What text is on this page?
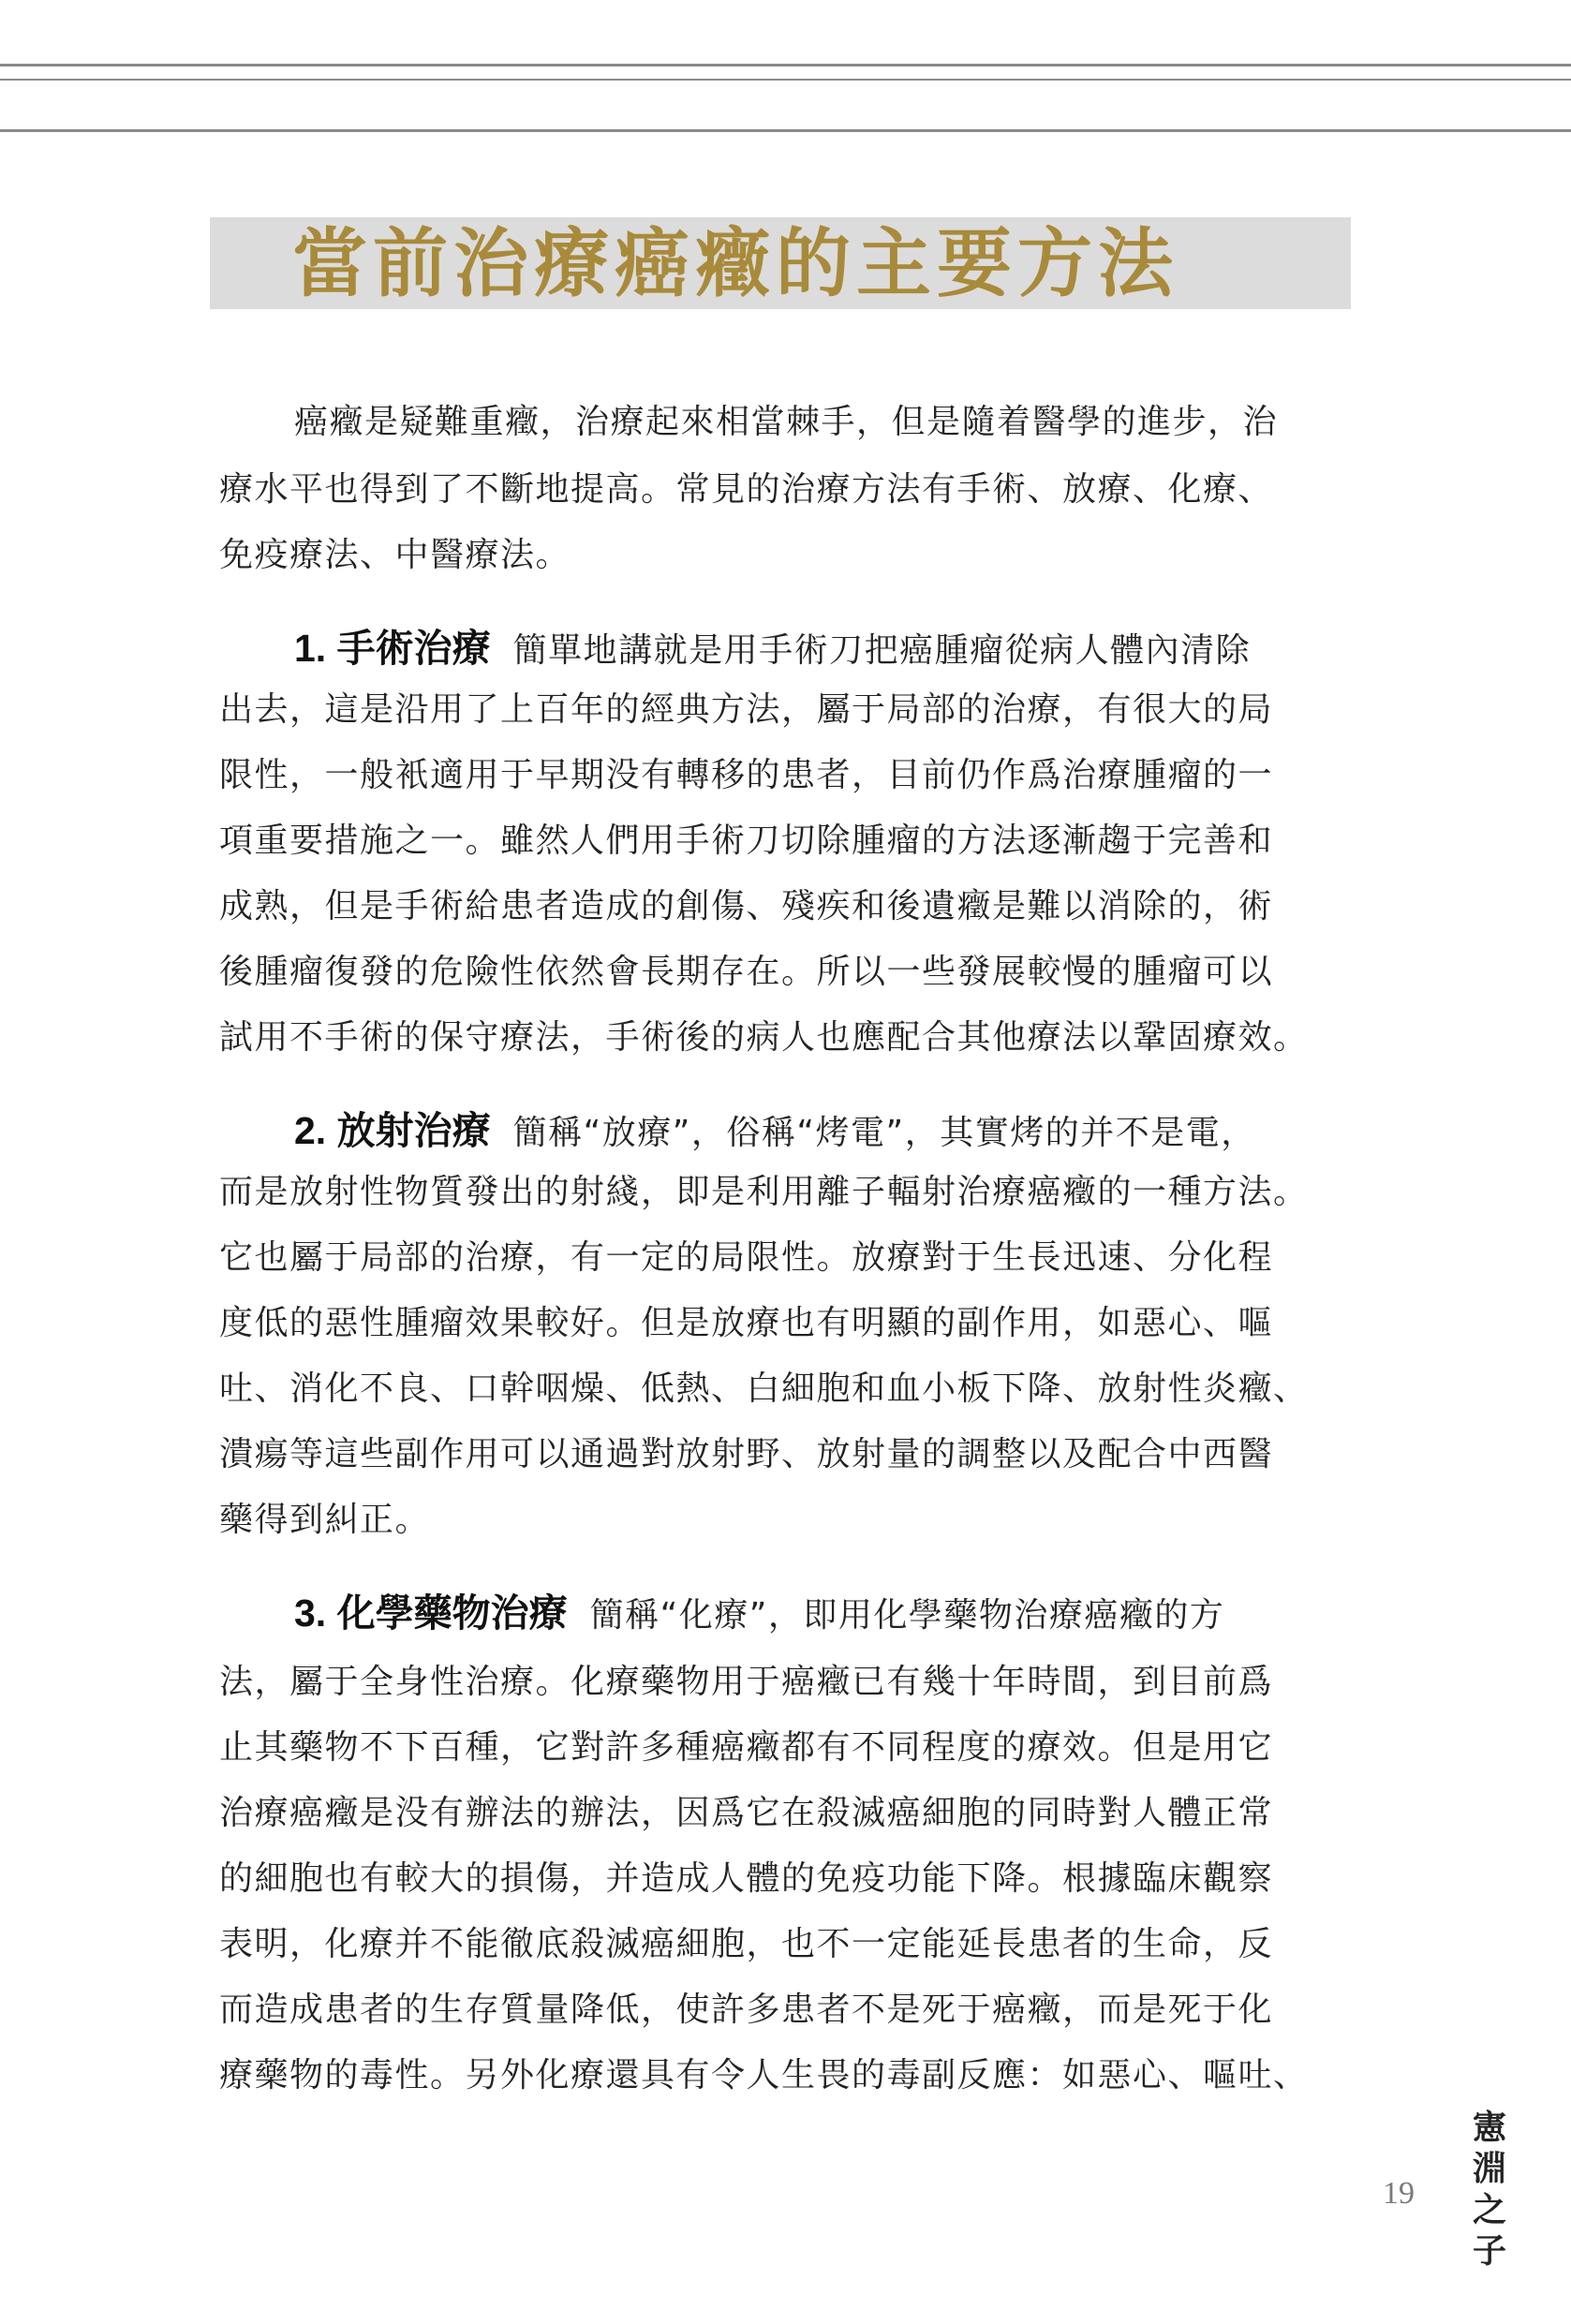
當前治療癌癥的主要方法
癌癥是疑難重癥，治療起來相當棘手，但是隨着醫學的進步，治
療水平也得到了不斷地提高。常見的治療方法有手術、放療、化療、
免疫療法、中醫療法。
1. 手術治療 簡單地講就是用手術刀把癌腫瘤從病人體內清除
出去，這是沿用了上百年的經典方法，屬于局部的治療，有很大的局
限性，一般衹適用于早期没有轉移的患者，目前仍作爲治療腫瘤的一
項重要措施之一。雖然人們用手術刀切除腫瘤的方法逐漸趨于完善和
成熟，但是手術給患者造成的創傷、殘疾和後遺癥是難以消除的，術
後腫瘤復發的危險性依然會長期存在。所以一些發展較慢的腫瘤可以
試用不手術的保守療法，手術後的病人也應配合其他療法以鞏固療效。
2. 放射治療 簡稱“放療”，俗稱“烤電”，其實烤的并不是電，
而是放射性物質發出的射綫，即是利用離子輻射治療癌癥的一種方法。
它也屬于局部的治療，有一定的局限性。放療對于生長迅速、分化程
度低的惡性腫瘤效果較好。但是放療也有明顯的副作用，如惡心、嘔
吐、消化不良、口幹咽燥、低熱、白細胞和血小板下降、放射性炎癥、
潰瘍等這些副作用可以通過對放射野、放射量的調整以及配合中西醫
藥得到糾正。
3. 化學藥物治療 簡稱“化療”，即用化學藥物治療癌癥的方
法，屬于全身性治療。化療藥物用于癌癥已有幾十年時間，到目前爲
止其藥物不下百種，它對許多種癌癥都有不同程度的療效。但是用它
治療癌癥是没有辦法的辦法，因爲它在殺滅癌細胞的同時對人體正常
的細胞也有較大的損傷，并造成人體的免疫功能下降。根據臨床觀察
表明，化療并不能徹底殺滅癌細胞，也不一定能延長患者的生命，反
而造成患者的生存質量降低，使許多患者不是死于癌癥，而是死于化
療藥物的毒性。另外化療還具有令人生畏的毒副反應：如惡心、嘔吐、
19
憲淵之子
